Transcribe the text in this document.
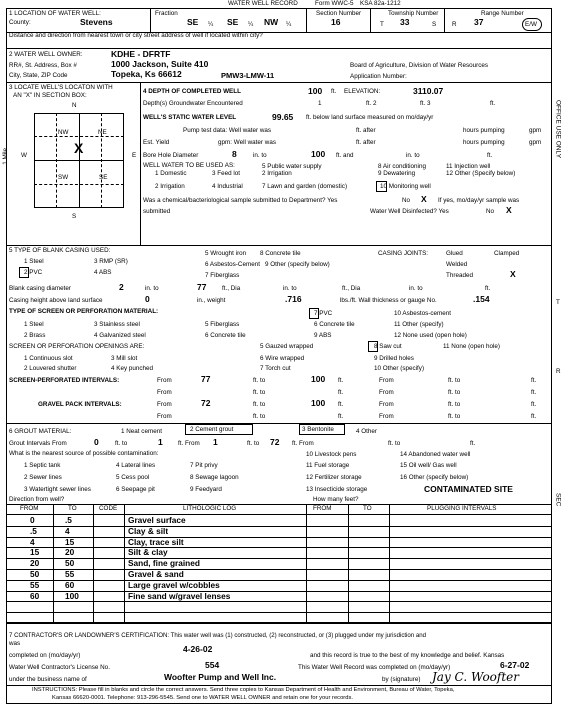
WATER WELL RECORD	Form WWC-5 KSA 82a-1212
1 LOCATION OF WATER WELL:
County:	Stevens
Fraction
SE ¼ SE ¼ NW ¼
Section Number
16
Township Number
T 33	S
Range Number
R 37	E/W
Distance and direction from nearest town or city street address of well if located within city?
2 WATER WELL OWNER:	KDHE - DFRTF
RR#, St. Address, Box #	1000 Jackson, Suite 410	Board of Agriculture, Division of Water Resources
City, State, ZIP Code	Topeka, Ks 66612	PMW3-LMW-11	Application Number:
3 LOCATE WELL'S LOCATON WITH
AN "X" IN SECTION BOX:
N
S
W	E
1 Mile
NW	NE
SW	SE
X
4 DEPTH OF COMPLETED WELL	100 ft. ELEVATION:	3110.07
Depth(s) Groundwater Encountered	1	ft. 2	ft. 3	ft.
WELL'S STATIC WATER LEVEL	99.65 ft. below land surface measured on mo/day/yr
Pump test data: Well water was	ft. after	hours pumping	gpm
Est. Yield	gpm: Well water was	ft. after	hours pumping	gpm
Bore Hole Diameter	8	in. to	100 ft. and	in. to	ft.
WELL WATER TO BE USED AS:
1 Domestic	3 Feed lot
5 Public water supply
2 Irrigation
8 Air conditioning
9 Dewatering
11 Injection well
12 Other (Specify below)
2 Irrigation	4 Industrial	7 Lawn and garden (domestic)	10 Monitoring well
Was a chemical/bacteriological sample submitted to Department? Yes	No X If yes, mo/day/yr sample was
submitted	Water Well Disinfected? Yes	No X
5 TYPE OF BLANK CASING USED:
1 Steel	3 RMP (SR)
5 Wrought iron 8 Concrete tile
2 PVC	4 ABS
6 Asbestos-Cement
7 Fiberglass
9 Other (specify below)
CASING JOINTS:	Glued	Clamped
Welded
Threaded	X
Blank casing diameter	2	in. to	77 ft., Dia	in. to	ft., Dia	in. to	ft.
Casing height above land surface	0	in., weight	.716	lbs./ft. Wall thickness or gauge No.	.154
TYPE OF SCREEN OR PERFORATION MATERIAL:
1 Steel	3 Stainless steel	5 Fiberglass
7 PVC
6 Concrete tile
9 ABS
10 Asbestos-cement
11 Other (specify)
12 None used (open hole)
2 Brass	4 Galvanized steel	6 Concrete tile
SCREEN OR PERFORATION OPENINGS ARE:	5 Gauzed wrapped	8 Saw cut	11 None (open hole)
1 Continuous slot	3 Mill slot	6 Wire wrapped	9 Drilled holes
2 Louvered shutter	4 Key punched	7 Torch cut	10 Other (specify)
SCREEN-PERFORATED INTERVALS:	From	77	ft. to	100 ft.	From	ft. to	ft.
From	ft. to	ft.	From	ft. to	ft.
GRAVEL PACK INTERVALS:	From	72	ft. to	100 ft.	From	ft. to	ft.
From	ft. to	ft.	From	ft. to	ft.
6 GROUT MATERIAL:	1 Neat cement	2 Cement grout	3 Bentonite	4 Other
Grout Intervals From	0	ft. to	1 ft. From 1	ft. to 72 ft. From	ft. to	ft.
What is the nearest source of possible contamination:
1 Septic tank	4 Lateral lines	7 Pit privy
10 Livestock pens	14 Abandoned water well
2 Sewer lines	5 Cess pool	8 Sewage lagoon
11 Fuel storage	15 Oil well/ Gas well
3 Watertight sewer lines	6 Seepage pit	9 Feedyard
12 Fertilizer storage	16 Other (specify below)
13 Insecticide storage	CONTAMINATED SITE
Direction from well?	How many feet?
FROM	TO	CODE	LITHOLOGIC LOG	FROM	TO	PLUGGING INTERVALS
0	.5	Gravel surface
.5	4	Clay & silt
4	15	Clay, trace silt
15	20	Silt & clay
20	50	Sand, fine grained
50	55	Gravel & sand
55	60	Large gravel w/cobbles
60	100	Fine sand w/gravel lenses
7 CONTRACTOR'S OR LANDOWNER'S CERTIFICATION: This water well was (1) constructed, (2) reconstructed, or (3) plugged under my jurisdiction and
was
completed on (mo/day/yr)
4-26-02
and this record is true to the best of my knowledge and belief. Kansas
Water Well Contractor's License No.	554	This Water Well Record was completed on (mo/day/yr)	6-27-02
under the business name of	Woofter Pump and Well Inc.	by (signature) Jay C. Woofter
INSTRUCTIONS: Please fill in blanks and circle the correct answers. Send three copies to Kansas Department of Health and Environment, Bureau of Water, Topeka,
Kansas 66620-0001. Telephone: 913-296-5545. Send one to WATER WELL OWNER and retain one for your records.
OFFICE USE ONLY
T
R
SEC
